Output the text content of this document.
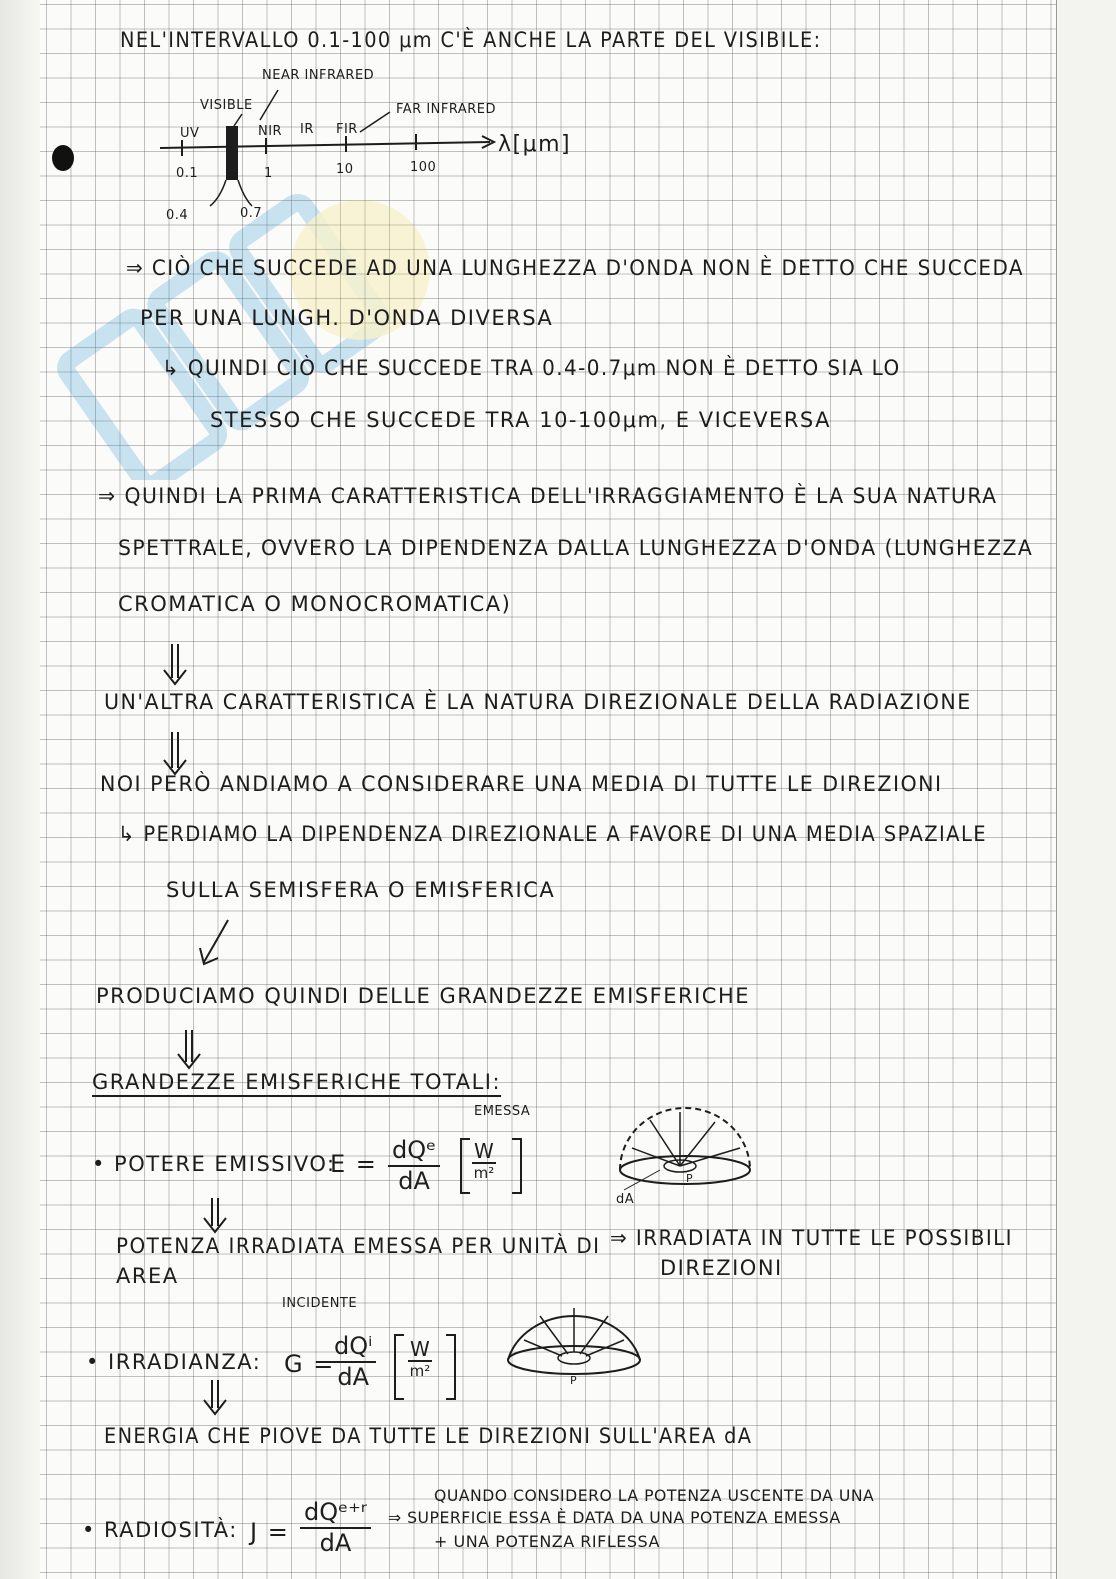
NEL'INTERVALLO 0.1-100 μm C'È ANCHE LA PARTE DEL VISIBILE:
NEAR INFRARED
VISIBLE	FAR INFRARED
UV	NIR IR FIR
λ[μm]
0.1	1	10	100
0.4	0.7
⇒ CIÒ CHE SUCCEDE AD UNA LUNGHEZZA D'ONDA NON È DETTO CHE SUCCEDA
PER UNA LUNGH. D'ONDA DIVERSA
↳ QUINDI CIÒ CHE SUCCEDE TRA 0.4-0.7μm NON È DETTO SIA LO
STESSO CHE SUCCEDE TRA 10-100μm, E VICEVERSA
⇒ QUINDI LA PRIMA CARATTERISTICA DELL'IRRAGGIAMENTO È LA SUA NATURA
SPETTRALE, OVVERO LA DIPENDENZA DALLA LUNGHEZZA D'ONDA (LUNGHEZZA
CROMATICA O MONOCROMATICA)
UN'ALTRA CARATTERISTICA È LA NATURA DIREZIONALE DELLA RADIAZIONE
NOI PERÒ ANDIAMO A CONSIDERARE UNA MEDIA DI TUTTE LE DIREZIONI
↳ PERDIAMO LA DIPENDENZA DIREZIONALE A FAVORE DI UNA MEDIA SPAZIALE
SULLA SEMISFERA O EMISFERICA
PRODUCIAMO QUINDI DELLE GRANDEZZE EMISFERICHE
GRANDEZZE EMISFERICHE TOTALI:
EMESSA
• POTERE EMISSIVO:
E = dQᵉ
dA
W
m²
dA
P
POTENZA IRRADIATA EMESSA PER UNITÀ DI
AREA
⇒ IRRADIATA IN TUTTE LE POSSIBILI
DIREZIONI
INCIDENTE
• IRRADIANZA: G =
dQⁱ
dA
W
m²
P
ENERGIA CHE PIOVE DA TUTTE LE DIREZIONI SULL'AREA dA
• RADIOSITÀ: J =
dQᵉ⁺ʳ
dA
QUANDO CONSIDERO LA POTENZA USCENTE DA UNA
⇒ SUPERFICIE ESSA È DATA DA UNA POTENZA EMESSA
+ UNA POTENZA RIFLESSA
